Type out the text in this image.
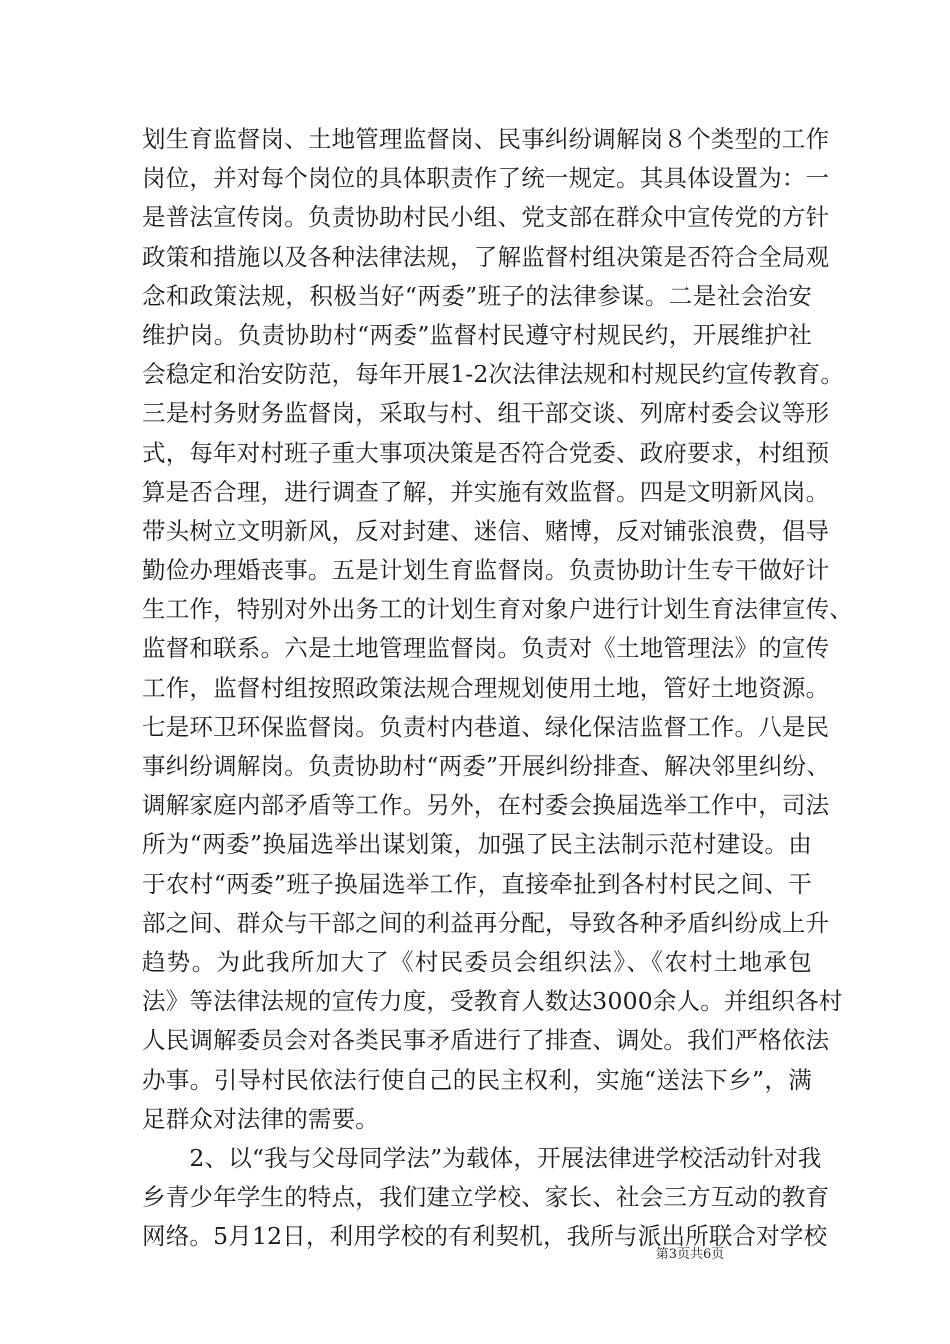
划生育监督岗、土地管理监督岗、民事纠纷调解岗８个类型的工作
岗位，并对每个岗位的具体职责作了统一规定。其具体设置为：一
是普法宣传岗。负责协助村民小组、党支部在群众中宣传党的方针
政策和措施以及各种法律法规，了解监督村组决策是否符合全局观
念和政策法规，积极当好“两委”班子的法律参谋。二是社会治安
维护岗。负责协助村“两委”监督村民遵守村规民约，开展维护社
会稳定和治安防范，每年开展1-2次法律法规和村规民约宣传教育。
三是村务财务监督岗，采取与村、组干部交谈、列席村委会议等形
式，每年对村班子重大事项决策是否符合党委、政府要求，村组预
算是否合理，进行调查了解，并实施有效监督。四是文明新风岗。
带头树立文明新风，反对封建、迷信、赌博，反对铺张浪费，倡导
勤俭办理婚丧事。五是计划生育监督岗。负责协助计生专干做好计
生工作，特别对外出务工的计划生育对象户进行计划生育法律宣传、
监督和联系。六是土地管理监督岗。负责对《土地管理法》的宣传
工作，监督村组按照政策法规合理规划使用土地，管好土地资源。
七是环卫环保监督岗。负责村内巷道、绿化保洁监督工作。八是民
事纠纷调解岗。负责协助村“两委”开展纠纷排查、解决邻里纠纷、
调解家庭内部矛盾等工作。另外，在村委会换届选举工作中，司法
所为“两委”换届选举出谋划策，加强了民主法制示范村建设。由
于农村“两委”班子换届选举工作，直接牵扯到各村村民之间、干
部之间、群众与干部之间的利益再分配，导致各种矛盾纠纷成上升
趋势。为此我所加大了《村民委员会组织法》、《农村土地承包
法》等法律法规的宣传力度，受教育人数达3000余人。并组织各村
人民调解委员会对各类民事矛盾进行了排查、调处。我们严格依法
办事。引导村民依法行使自己的民主权利，实施“送法下乡”，满
足群众对法律的需要。
　　2、以“我与父母同学法”为载体，开展法律进学校活动针对我
乡青少年学生的特点，我们建立学校、家长、社会三方互动的教育
网络。5月12日，利用学校的有利契机，我所与派出所联合对学校
第3页共6页
